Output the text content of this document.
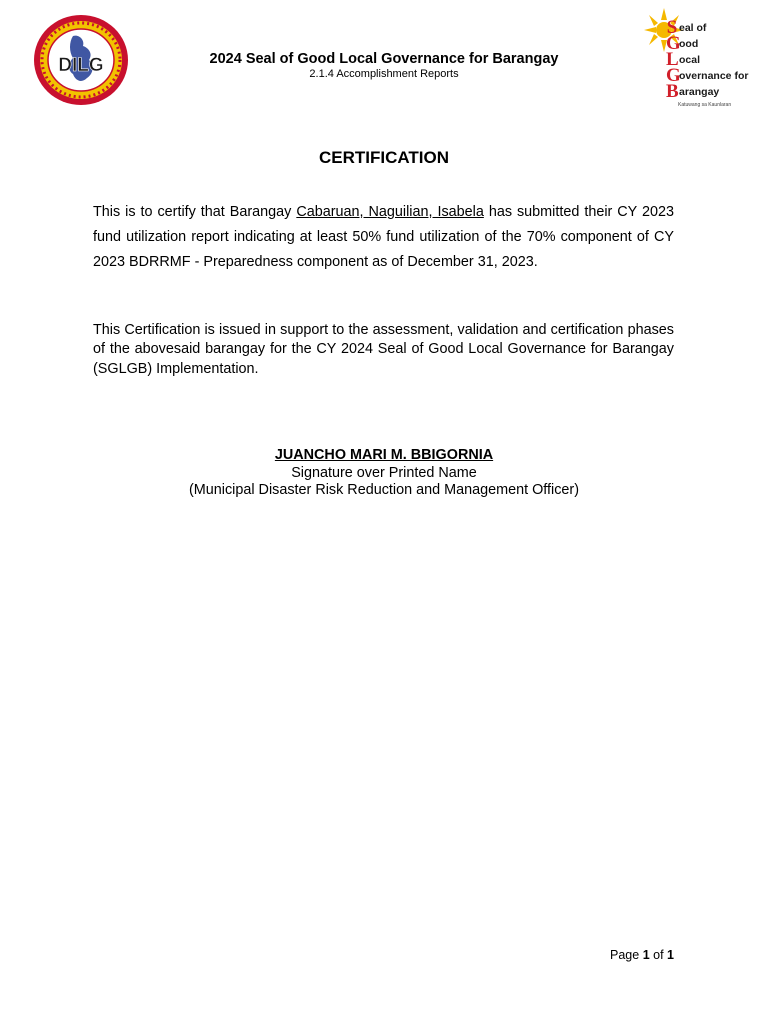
DILG	2024 Seal of Good Local Governance for Barangay
2.1.4 Accomplishment Reports
S eal of
G
ood
L ocal
G
overnance for
B arangay
Katuwang sa Kaunlaran
CERTIFICATION
This is to certify that Barangay Cabaruan, Naguilian, Isabela has submitted their CY 2023 fund utilization report indicating at least 50% fund utilization of the 70% component of CY 2023 BDRRMF - Preparedness component as of December 31, 2023.
This Certification is issued in support to the assessment, validation and certification phases of the abovesaid barangay for the CY 2024 Seal of Good Local Governance for Barangay (SGLGB) Implementation.
JUANCHO MARI M. BBIGORNIA
Signature over Printed Name
(Municipal Disaster Risk Reduction and Management Officer)
Page 1 of 1
